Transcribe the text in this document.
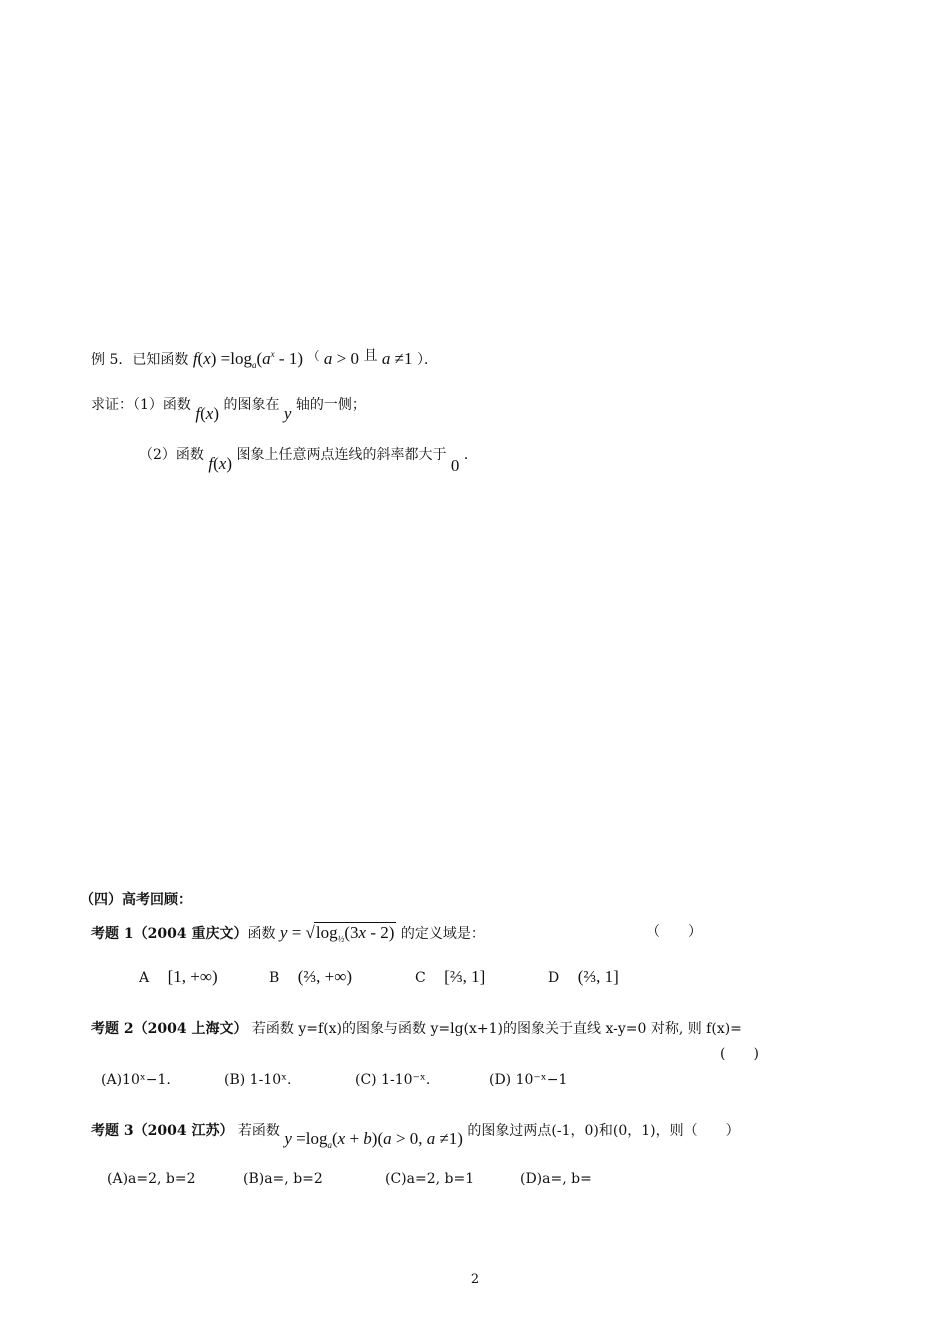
例 5．已知函数 $f(x) =\log_a(a^x - 1)$ （ a > 0 且 a ≠1 ）．
求证：（1）函数 f(x) 的图象在 y 轴的一侧；
（2）函数 f(x) 图象上任意两点连线的斜率都大于 0 ．
（四）高考回顾：
考题 1（2004 重庆文）函数 $y = √\log_{\frac{1}{2}}(3x - 2)$ 的定义域是：	（　　）
A [1, +∞)	B (⅔, +∞)	C [⅔, 1]	D (⅔, 1]
考题 2（2004 上海文） 若函数 y=f(x)的图象与函数 y=lg(x+1)的图象关于直线 x-y=0 对称, 则 f(x)=
(　　)
(A)10ˣ−1.	(B) 1-10ˣ.	(C) 1-10⁻ˣ.	(D) 10⁻ˣ−1
考题 3（2004 江苏） 若函数 $y =\log_a(x + b)(a > 0$, a ≠1) 的图象过两点(-1，0)和(0，1)，则（　　）
(A)a=2, b=2	(B)a=, b=2	(C)a=2, b=1	(D)a=, b=
2
